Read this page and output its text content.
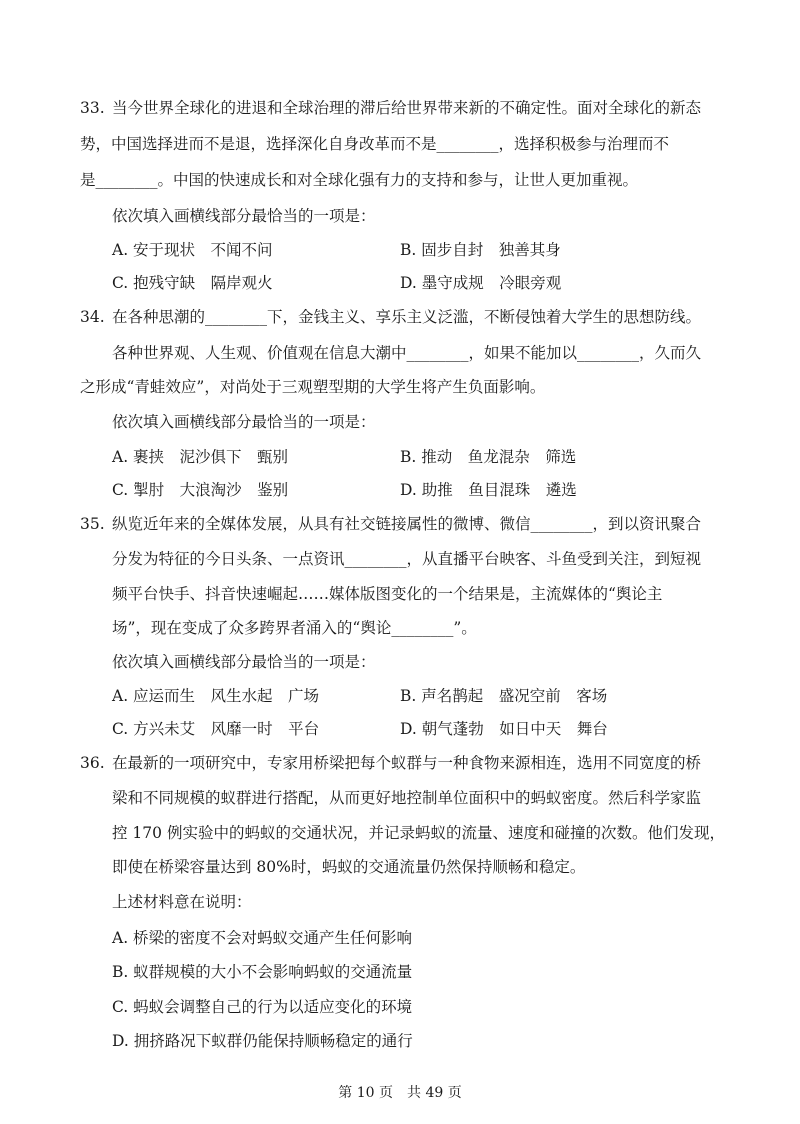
33. 当今世界全球化的进退和全球治理的滞后给世界带来新的不确定性。面对全球化的新态
势，中国选择进而不是退，选择深化自身改革而不是________，选择积极参与治理而不
是________。中国的快速成长和对全球化强有力的支持和参与，让世人更加重视。
依次填入画横线部分最恰当的一项是：
A. 安于现状　不闻不问	B. 固步自封　独善其身
C. 抱残守缺　隔岸观火	D. 墨守成规　冷眼旁观
34. 在各种思潮的________下，金钱主义、享乐主义泛滥，不断侵蚀着大学生的思想防线。
各种世界观、人生观、价值观在信息大潮中________，如果不能加以________，久而久
之形成“青蛙效应”，对尚处于三观塑型期的大学生将产生负面影响。
依次填入画横线部分最恰当的一项是：
A. 裹挟　泥沙俱下　甄别	B. 推动　鱼龙混杂　筛选
C. 掣肘　大浪淘沙　鉴别	D. 助推　鱼目混珠　遴选
35. 纵览近年来的全媒体发展，从具有社交链接属性的微博、微信________，到以资讯聚合
分发为特征的今日头条、一点资讯________，从直播平台映客、斗鱼受到关注，到短视
频平台快手、抖音快速崛起……媒体版图变化的一个结果是，主流媒体的“舆论主
场”，现在变成了众多跨界者涌入的“舆论________”。
依次填入画横线部分最恰当的一项是：
A. 应运而生　风生水起　广场	B. 声名鹊起　盛况空前　客场
C. 方兴未艾　风靡一时　平台	D. 朝气蓬勃　如日中天　舞台
36. 在最新的一项研究中，专家用桥梁把每个蚁群与一种食物来源相连，选用不同宽度的桥
梁和不同规模的蚁群进行搭配，从而更好地控制单位面积中的蚂蚁密度。然后科学家监
控 170 例实验中的蚂蚁的交通状况，并记录蚂蚁的流量、速度和碰撞的次数。他们发现，
即使在桥梁容量达到 80%时，蚂蚁的交通流量仍然保持顺畅和稳定。
上述材料意在说明：
A. 桥梁的密度不会对蚂蚁交通产生任何影响
B. 蚁群规模的大小不会影响蚂蚁的交通流量
C. 蚂蚁会调整自己的行为以适应变化的环境
D. 拥挤路况下蚁群仍能保持顺畅稳定的通行
第 10 页　共 49 页
